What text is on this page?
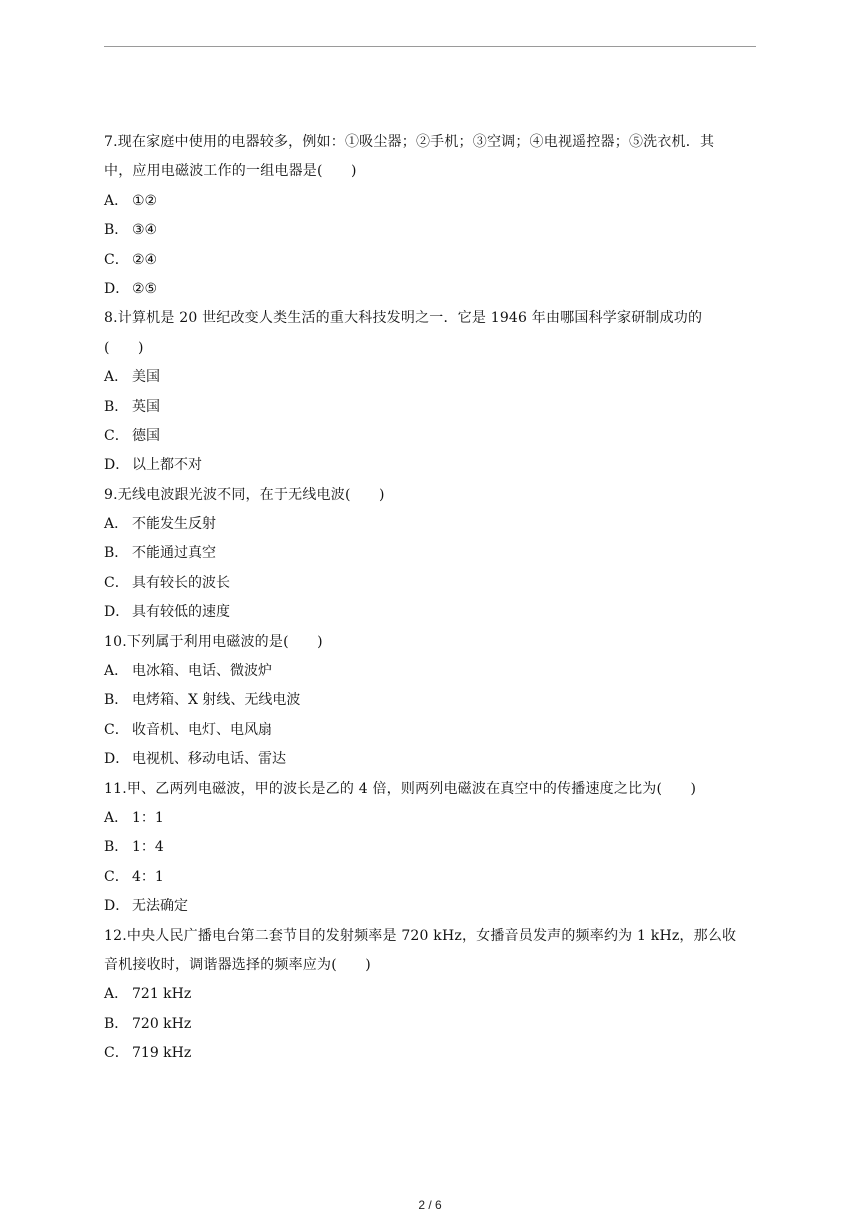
7.现在家庭中使用的电器较多，例如：①吸尘器；②手机；③空调；④电视遥控器；⑤洗衣机．其
中，应用电磁波工作的一组电器是(　　)
A． ①②
B． ③④
C． ②④
D． ②⑤
8.计算机是 20 世纪改变人类生活的重大科技发明之一．它是 1946 年由哪国科学家研制成功的
(　　)
A． 美国
B． 英国
C． 德国
D． 以上都不对
9.无线电波跟光波不同，在于无线电波(　　)
A． 不能发生反射
B． 不能通过真空
C． 具有较长的波长
D． 具有较低的速度
10.下列属于利用电磁波的是(　　)
A． 电冰箱、电话、微波炉
B． 电烤箱、X 射线、无线电波
C． 收音机、电灯、电风扇
D． 电视机、移动电话、雷达
11.甲、乙两列电磁波，甲的波长是乙的 4 倍，则两列电磁波在真空中的传播速度之比为(　　)
A． 1：1
B． 1：4
C． 4：1
D． 无法确定
12.中央人民广播电台第二套节目的发射频率是 720 kHz，女播音员发声的频率约为 1 kHz，那么收
音机接收时，调谐器选择的频率应为(　　)
A． 721 kHz
B． 720 kHz
C． 719 kHz
2 / 6
